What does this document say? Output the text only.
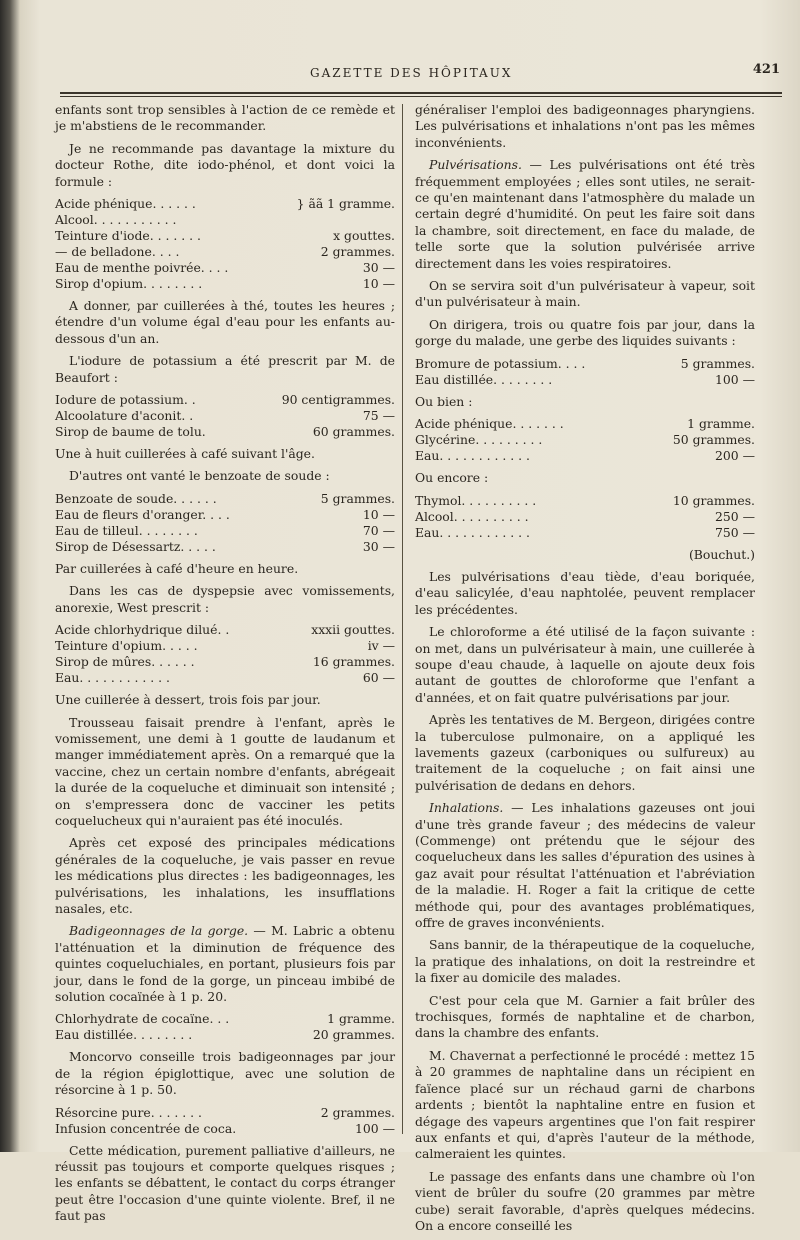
GAZETTE DES HÔPITAUX	421

enfants sont trop sensibles à l'action de ce remède et je m'abstiens de le recommander.

Je ne recommande pas davantage la mixture du docteur Rothe, dite iodo-phénol, et dont voici la formule :

Acide phénique. . . . . .	} ãã 1 gramme.
Alcool. . . . . . . . . . .
Teinture d'iode. . . . . . .	x gouttes.
— de belladone. . . .	2 grammes.
Eau de menthe poivrée. . . .	30 —
Sirop d'opium. . . . . . . .	10 —

A donner, par cuillerées à thé, toutes les heures ; étendre d'un volume égal d'eau pour les enfants au-dessous d'un an.

L'iodure de potassium a été prescrit par M. de Beaufort :

Iodure de potassium. .	90 centigrammes.
Alcoolature d'aconit. .	75 —
Sirop de baume de tolu.	60 grammes.

Une à huit cuillerées à café suivant l'âge.

D'autres ont vanté le benzoate de soude :

Benzoate de soude. . . . . .	5 grammes.
Eau de fleurs d'oranger. . . .	10 —
Eau de tilleul. . . . . . . .	70 —
Sirop de Désessartz. . . . .	30 —

Par cuillerées à café d'heure en heure.

Dans les cas de dyspepsie avec vomissements, anorexie, West prescrit :

Acide chlorhydrique dilué. .	xxxii gouttes.
Teinture d'opium. . . . .	iv —
Sirop de mûres. . . . . .	16 grammes.
Eau. . . . . . . . . . . .	60 —

Une cuillerée à dessert, trois fois par jour.

Trousseau faisait prendre à l'enfant, après le vomissement, une demi à 1 goutte de laudanum et manger immédiatement après. On a remarqué que la vaccine, chez un certain nombre d'enfants, abrégeait la durée de la coqueluche et diminuait son intensité ; on s'empressera donc de vacciner les petits coquelucheux qui n'auraient pas été inoculés.

Après cet exposé des principales médications générales de la coqueluche, je vais passer en revue les médications plus directes : les badigeonnages, les pulvérisations, les inhalations, les insufflations nasales, etc.

Badigeonnages de la gorge. — M. Labric a obtenu l'atténuation et la diminution de fréquence des quintes coqueluchiales, en portant, plusieurs fois par jour, dans le fond de la gorge, un pinceau imbibé de solution cocaïnée à 1 p. 20.

Chlorhydrate de cocaïne. . .	1 gramme.
Eau distillée. . . . . . . .	20 grammes.

Moncorvo conseille trois badigeonnages par jour de la région épiglottique, avec une solution de résorcine à 1 p. 50.

Résorcine pure. . . . . . .	2 grammes.
Infusion concentrée de coca.	100 —

Cette médication, purement palliative d'ailleurs, ne réussit pas toujours et comporte quelques risques ; les enfants se débattent, le contact du corps étranger peut être l'occasion d'une quinte violente. Bref, il ne faut pas

généraliser l'emploi des badigeonnages pharyngiens. Les pulvérisations et inhalations n'ont pas les mêmes inconvénients.

Pulvérisations. — Les pulvérisations ont été très fréquemment employées ; elles sont utiles, ne serait-ce qu'en maintenant dans l'atmosphère du malade un certain degré d'humidité. On peut les faire soit dans la chambre, soit directement, en face du malade, de telle sorte que la solution pulvérisée arrive directement dans les voies respiratoires.

On se servira soit d'un pulvérisateur à vapeur, soit d'un pulvérisateur à main.

On dirigera, trois ou quatre fois par jour, dans la gorge du malade, une gerbe des liquides suivants :

Bromure de potassium. . . .	5 grammes.
Eau distillée. . . . . . . .	100 —

Ou bien :

Acide phénique. . . . . . .	1 gramme.
Glycérine. . . . . . . . .	50 grammes.
Eau. . . . . . . . . . . .	200 —

Ou encore :

Thymol. . . . . . . . . .	10 grammes.
Alcool. . . . . . . . . .	250 —
Eau. . . . . . . . . . . .	750 —

(Bouchut.)

Les pulvérisations d'eau tiède, d'eau boriquée, d'eau salicylée, d'eau naphtolée, peuvent remplacer les précédentes.

Le chloroforme a été utilisé de la façon suivante : on met, dans un pulvérisateur à main, une cuillerée à soupe d'eau chaude, à laquelle on ajoute deux fois autant de gouttes de chloroforme que l'enfant a d'années, et on fait quatre pulvérisations par jour.

Après les tentatives de M. Bergeon, dirigées contre la tuberculose pulmonaire, on a appliqué les lavements gazeux (carboniques ou sulfureux) au traitement de la coqueluche ; on fait ainsi une pulvérisation de dedans en dehors.

Inhalations. — Les inhalations gazeuses ont joui d'une très grande faveur ; des médecins de valeur (Commenge) ont prétendu que le séjour des coquelucheux dans les salles d'épuration des usines à gaz avait pour résultat l'atténuation et l'abréviation de la maladie. H. Roger a fait la critique de cette méthode qui, pour des avantages problématiques, offre de graves inconvénients.

Sans bannir, de la thérapeutique de la coqueluche, la pratique des inhalations, on doit la restreindre et la fixer au domicile des malades.

C'est pour cela que M. Garnier a fait brûler des trochisques, formés de naphtaline et de charbon, dans la chambre des enfants.

M. Chavernat a perfectionné le procédé : mettez 15 à 20 grammes de naphtaline dans un récipient en faïence placé sur un réchaud garni de charbons ardents ; bientôt la naphtaline entre en fusion et dégage des vapeurs argentines que l'on fait respirer aux enfants et qui, d'après l'auteur de la méthode, calmeraient les quintes.

Le passage des enfants dans une chambre où l'on vient de brûler du soufre (20 grammes par mètre cube) serait favorable, d'après quelques médecins. On a encore conseillé les
